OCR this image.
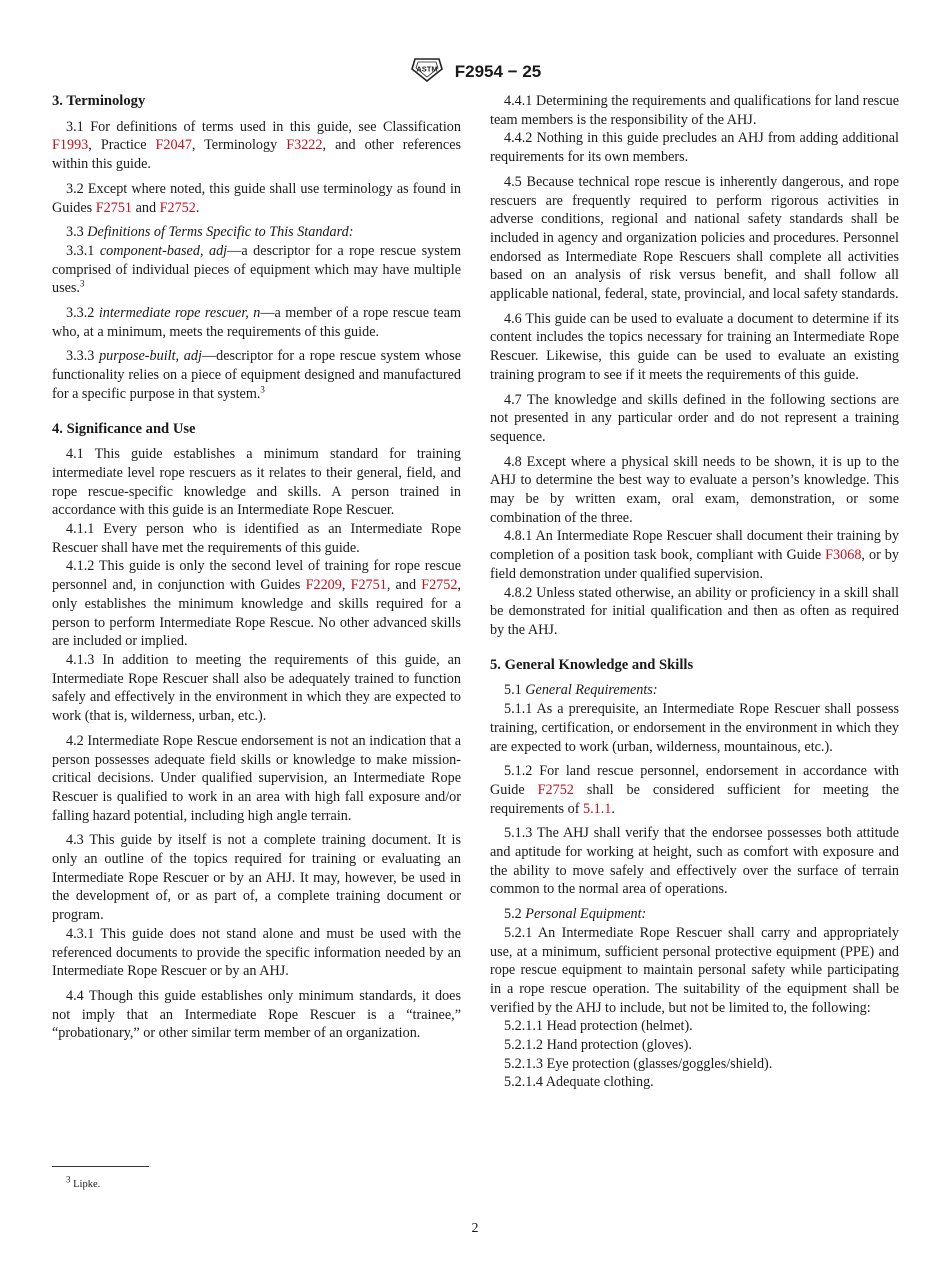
ASTM F2954 − 25
3. Terminology

3.1 For definitions of terms used in this guide, see Classification F1993, Practice F2047, Terminology F3222, and other references within this guide.

3.2 Except where noted, this guide shall use terminology as found in Guides F2751 and F2752.

3.3 Definitions of Terms Specific to This Standard:

3.3.1 component-based, adj—a descriptor for a rope rescue system comprised of individual pieces of equipment which may have multiple uses.$^3$

3.3.2 intermediate rope rescuer, n—a member of a rope rescue team who, at a minimum, meets the requirements of this guide.

3.3.3 purpose-built, adj—descriptor for a rope rescue system whose functionality relies on a piece of equipment designed and manufactured for a specific purpose in that system.$^3$

4. Significance and Use

4.1 This guide establishes a minimum standard for training intermediate level rope rescuers as it relates to their general, field, and rope rescue-specific knowledge and skills. A person trained in accordance with this guide is an Intermediate Rope Rescuer.

4.1.1 Every person who is identified as an Intermediate Rope Rescuer shall have met the requirements of this guide.

4.1.2 This guide is only the second level of training for rope rescue personnel and, in conjunction with Guides F2209, F2751, and F2752, only establishes the minimum knowledge and skills required for a person to perform Intermediate Rope Rescue. No other advanced skills are included or implied.

4.1.3 In addition to meeting the requirements of this guide, an Intermediate Rope Rescuer shall also be adequately trained to function safely and effectively in the environment in which they are expected to work (that is, wilderness, urban, etc.).

4.2 Intermediate Rope Rescue endorsement is not an indication that a person possesses adequate field skills or knowledge to make mission-critical decisions. Under qualified supervision, an Intermediate Rope Rescuer is qualified to work in an area with high fall exposure and/or falling hazard potential, including high angle terrain.

4.3 This guide by itself is not a complete training document. It is only an outline of the topics required for training or evaluating an Intermediate Rope Rescuer or by an AHJ. It may, however, be used in the development of, or as part of, a complete training document or program.

4.3.1 This guide does not stand alone and must be used with the referenced documents to provide the specific information needed by an Intermediate Rope Rescuer or by an AHJ.

4.4 Though this guide establishes only minimum standards, it does not imply that an Intermediate Rope Rescuer is a “trainee,” “probationary,” or other similar term member of an organization.

4.4.1 Determining the requirements and qualifications for land rescue team members is the responsibility of the AHJ.

4.4.2 Nothing in this guide precludes an AHJ from adding additional requirements for its own members.

4.5 Because technical rope rescue is inherently dangerous, and rope rescuers are frequently required to perform rigorous activities in adverse conditions, regional and national safety standards shall be included in agency and organization policies and procedures. Personnel endorsed as Intermediate Rope Rescuers shall complete all activities based on an analysis of risk versus benefit, and shall follow all applicable national, federal, state, provincial, and local safety standards.

4.6 This guide can be used to evaluate a document to determine if its content includes the topics necessary for training an Intermediate Rope Rescuer. Likewise, this guide can be used to evaluate an existing training program to see if it meets the requirements of this guide.

4.7 The knowledge and skills defined in the following sections are not presented in any particular order and do not represent a training sequence.

4.8 Except where a physical skill needs to be shown, it is up to the AHJ to determine the best way to evaluate a person’s knowledge. This may be by written exam, oral exam, demonstration, or some combination of the three.

4.8.1 An Intermediate Rope Rescuer shall document their training by completion of a position task book, compliant with Guide F3068, or by field demonstration under qualified supervision.

4.8.2 Unless stated otherwise, an ability or proficiency in a skill shall be demonstrated for initial qualification and then as often as required by the AHJ.

5. General Knowledge and Skills

5.1 General Requirements:

5.1.1 As a prerequisite, an Intermediate Rope Rescuer shall possess training, certification, or endorsement in the environment in which they are expected to work (urban, wilderness, mountainous, etc.).

5.1.2 For land rescue personnel, endorsement in accordance with Guide F2752 shall be considered sufficient for meeting the requirements of 5.1.1.

5.1.3 The AHJ shall verify that the endorsee possesses both attitude and aptitude for working at height, such as comfort with exposure and the ability to move safely and effectively over the surface of terrain common to the normal area of operations.

5.2 Personal Equipment:

5.2.1 An Intermediate Rope Rescuer shall carry and appropriately use, at a minimum, sufficient personal protective equipment (PPE) and rope rescue equipment to maintain personal safety while participating in a rope rescue operation. The suitability of the equipment shall be verified by the AHJ to include, but not be limited to, the following:

5.2.1.1 Head protection (helmet).
5.2.1.2 Hand protection (gloves).
5.2.1.3 Eye protection (glasses/goggles/shield).
5.2.1.4 Adequate clothing.
$^3$ Lipke.
2
